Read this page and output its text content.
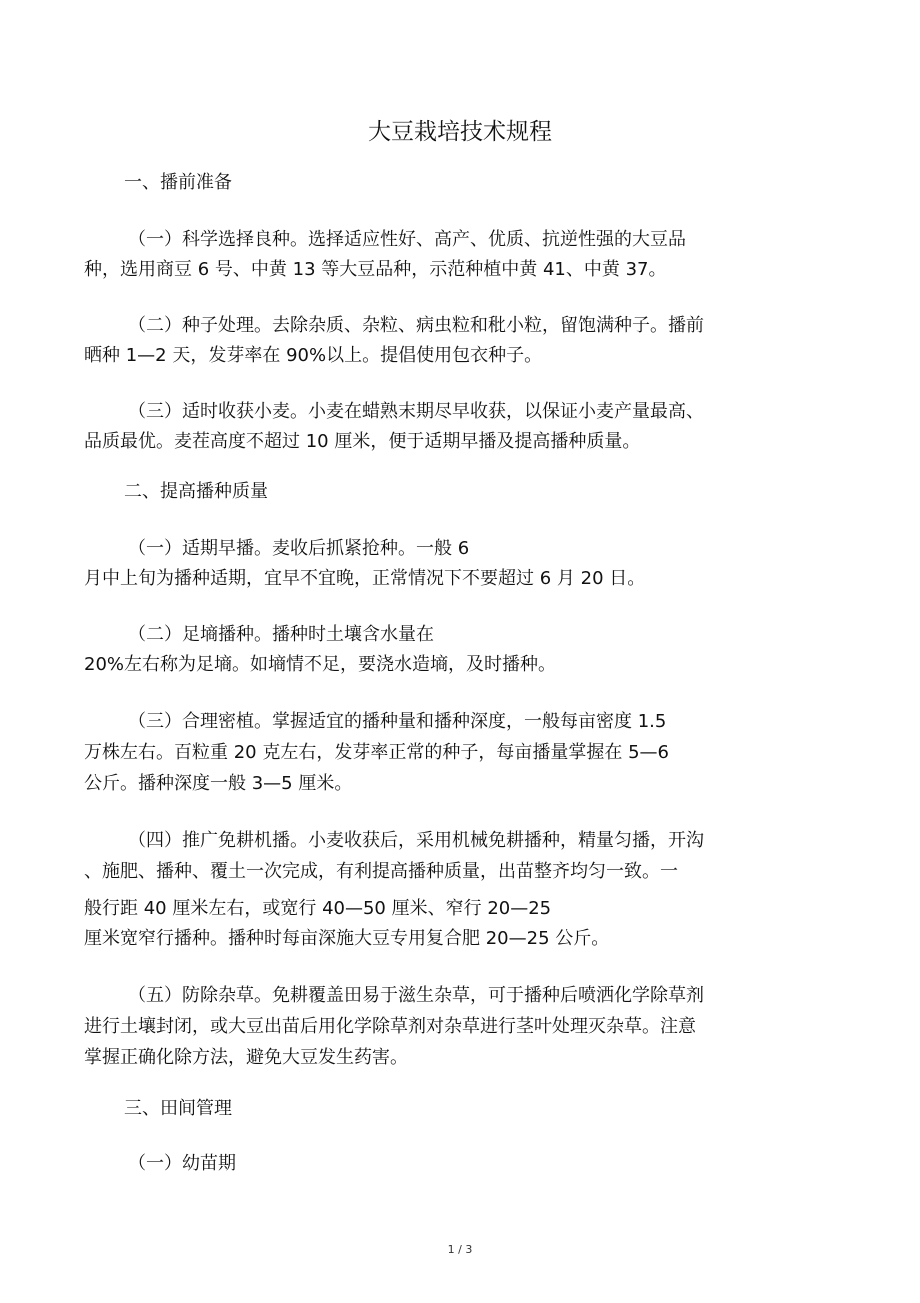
大豆栽培技术规程
一、播前准备
（一）科学选择良种。选择适应性好、高产、优质、抗逆性强的大豆品
种，选用商豆 6 号、中黄 13 等大豆品种，示范种植中黄 41、中黄 37。
（二）种子处理。去除杂质、杂粒、病虫粒和秕小粒，留饱满种子。播前
晒种 1—2 天，发芽率在 90%以上。提倡使用包衣种子。
（三）适时收获小麦。小麦在蜡熟末期尽早收获，以保证小麦产量最高、
品质最优。麦茬高度不超过 10 厘米，便于适期早播及提高播种质量。
二、提高播种质量
（一）适期早播。麦收后抓紧抢种。一般 6
月中上旬为播种适期，宜早不宜晚，正常情况下不要超过 6 月 20 日。
（二）足墒播种。播种时土壤含水量在
20%左右称为足墒。如墒情不足，要浇水造墒，及时播种。
（三）合理密植。掌握适宜的播种量和播种深度，一般每亩密度 1.5
万株左右。百粒重 20 克左右，发芽率正常的种子，每亩播量掌握在 5—6
公斤。播种深度一般 3—5 厘米。
（四）推广免耕机播。小麦收获后，采用机械免耕播种，精量匀播，开沟
、施肥、播种、覆土一次完成，有利提高播种质量，出苗整齐均匀一致。一
般行距 40 厘米左右，或宽行 40—50 厘米、窄行 20—25
厘米宽窄行播种。播种时每亩深施大豆专用复合肥 20—25 公斤。
（五）防除杂草。免耕覆盖田易于滋生杂草，可于播种后喷洒化学除草剂
进行土壤封闭，或大豆出苗后用化学除草剂对杂草进行茎叶处理灭杂草。注意
掌握正确化除方法，避免大豆发生药害。
三、田间管理
（一）幼苗期
1 / 3
